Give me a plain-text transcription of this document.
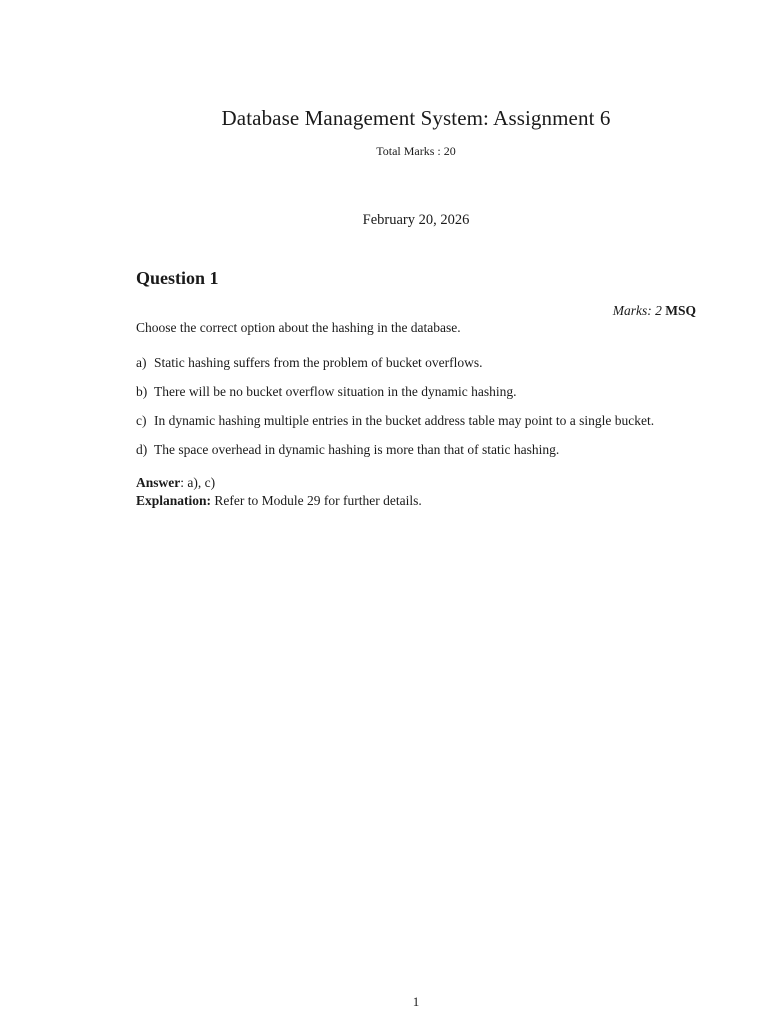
Database Management System: Assignment 6
Total Marks : 20
February 20, 2026
Question 1
Marks: 2 MSQ
Choose the correct option about the hashing in the database.
a) Static hashing suffers from the problem of bucket overflows.
b) There will be no bucket overflow situation in the dynamic hashing.
c) In dynamic hashing multiple entries in the bucket address table may point to a single bucket.
d) The space overhead in dynamic hashing is more than that of static hashing.
Answer: a), c)
Explanation: Refer to Module 29 for further details.
1
